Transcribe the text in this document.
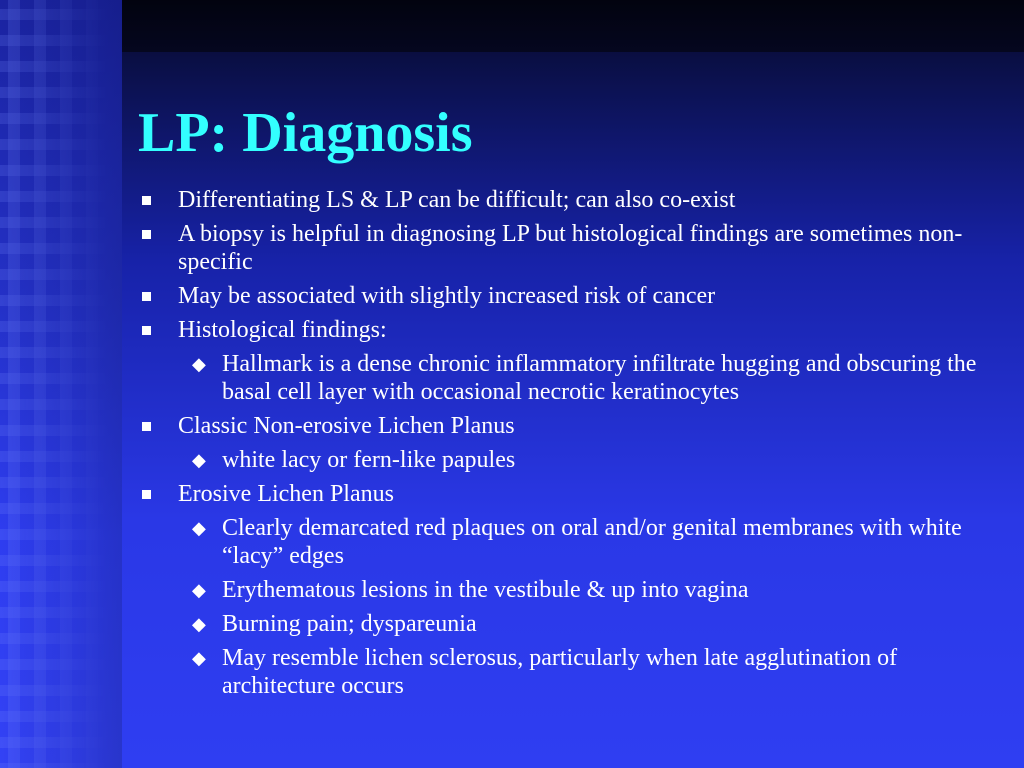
LP: Diagnosis
Differentiating LS & LP can be difficult; can also co-exist
A biopsy is helpful in diagnosing LP but histological findings are sometimes non-specific
May be associated with slightly increased risk of cancer
Histological findings:
◆ Hallmark is a dense chronic inflammatory infiltrate hugging and obscuring the basal cell layer with occasional necrotic keratinocytes
Classic Non-erosive Lichen Planus
◆ white lacy or fern-like papules
Erosive Lichen Planus
◆ Clearly demarcated red plaques on oral and/or genital membranes with white “lacy” edges
◆ Erythematous lesions in the vestibule & up into vagina
◆ Burning pain; dyspareunia
◆ May resemble lichen sclerosus, particularly when late agglutination of architecture occurs
